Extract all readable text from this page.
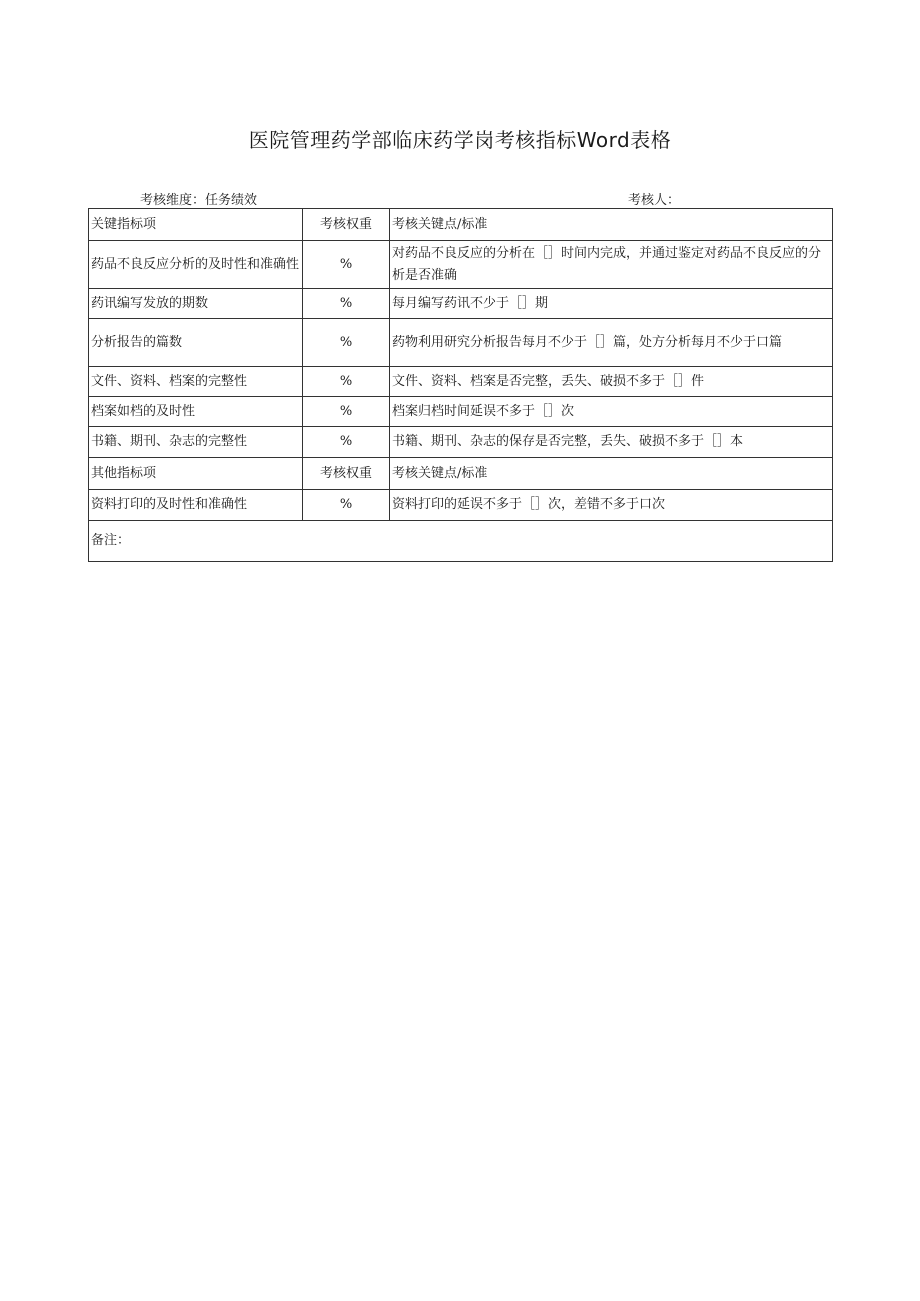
医院管理药学部临床药学岗考核指标Word表格
考核维度：任务绩效	考核人：
关键指标项	考核权重	考核关键点/标准
药品不良反应分析的及时性和准确性	%	对药品不良反应的分析在［］时间内完成，并通过鉴定对药品不良反应的分析是否准确
药讯编写发放的期数	%	每月编写药讯不少于［］期
分析报告的篇数	%	药物利用研究分析报告每月不少于［］篇，处方分析每月不少于口篇
文件、资料、档案的完整性	%	文件、资料、档案是否完整，丢失、破损不多于［］件
档案如档的及时性	%	档案归档时间延误不多于［］次
书籍、期刊、杂志的完整性	%	书籍、期刊、杂志的保存是否完整，丢失、破损不多于［］本
其他指标项	考核权重	考核关键点/标准
资料打印的及时性和准确性	%	资料打印的延误不多于［］次，差错不多于口次
备注：		
